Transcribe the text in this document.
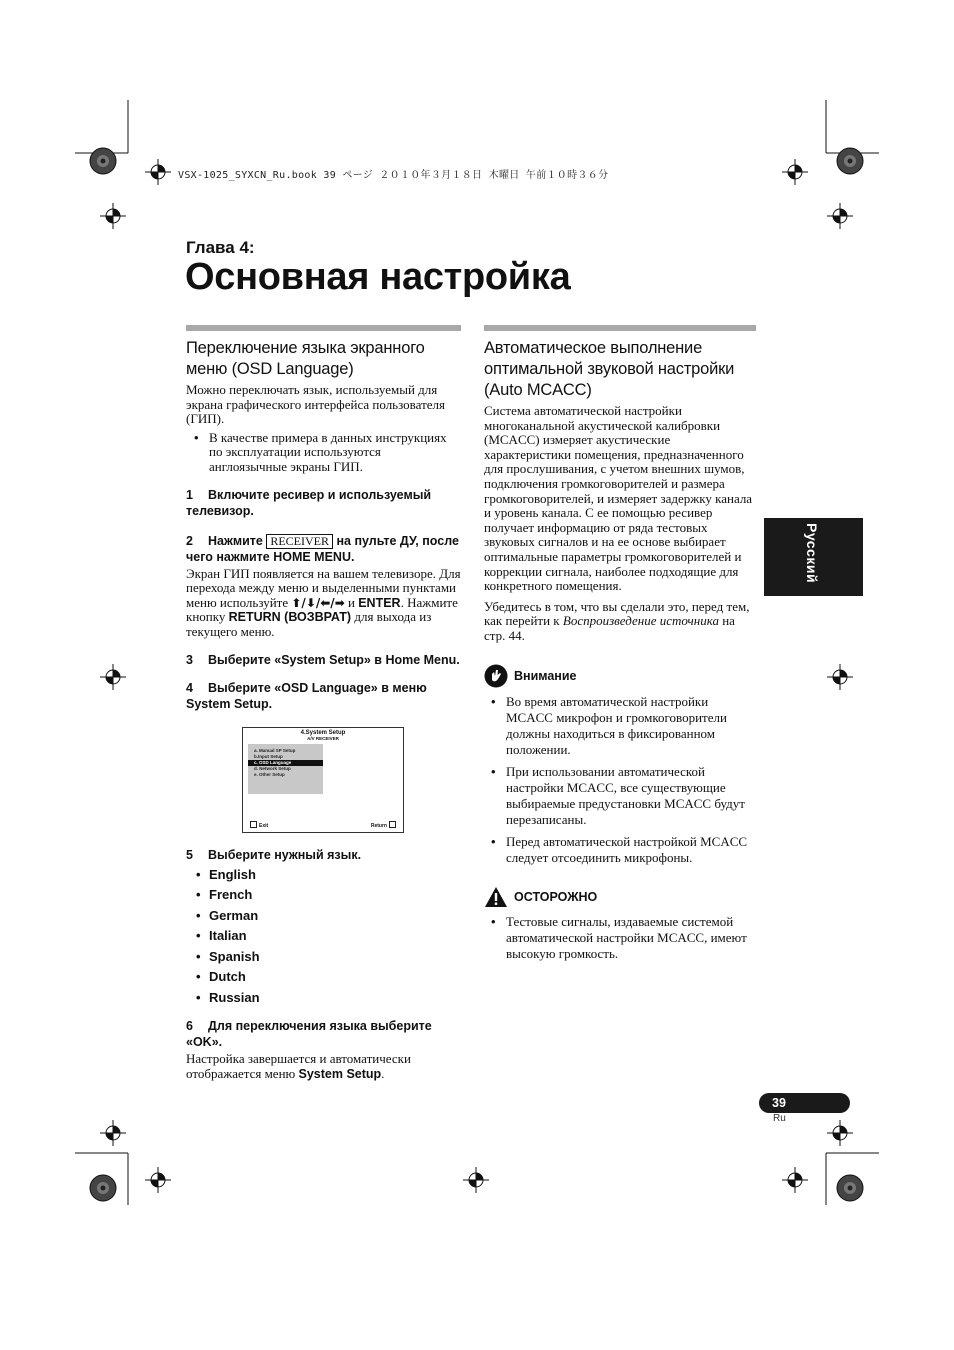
VSX-1025_SYXCN_Ru.book 39 ページ ２０１０年３月１８日 木曜日 午前１０時３６分
Глава 4:
Основная настройка
Переключение языка экранного меню (OSD Language)

Можно переключать язык, используемый для экрана графического интерфейса пользователя (ГИП).

• В качестве примера в данных инструкциях по эксплуатации используются англоязычные экраны ГИП.
1 Включите ресивер и используемый телевизор.
2 Нажмите RECEIVER на пульте ДУ, после чего нажмите HOME MENU.

Экран ГИП появляется на вашем телевизоре. Для перехода между меню и выделенными пунктами меню используйте ⬆/⬇/⬅/➡ и ENTER. Нажмите кнопку RETURN (ВОЗВРАТ) для выхода из текущего меню.

3 Выберите «System Setup» в Home Menu.
4 Выберите «OSD Language» в меню System Setup.
4.System Setup
A/V RECEIVER
a. Manual SP Setup
b.Input Setup
c. OSD Language
d. Network Setup
e. Other Setup
Exit	Return
5 Выберите нужный язык.
• English
• French
• German
• Italian
• Spanish
• Dutch
• Russian
6 Для переключения языка выберите «OK».

Настройка завершается и автоматически отображается меню System Setup.

Автоматическое выполнение оптимальной звуковой настройки (Auto MCACC)

Система автоматической настройки многоканальной акустической калибровки (MCACC) измеряет акустические характеристики помещения, предназначенного для прослушивания, с учетом внешних шумов, подключения громкоговорителей и размера громкоговорителей, и измеряет задержку канала и уровень канала. С ее помощью ресивер получает информацию от ряда тестовых звуковых сигналов и на ее основе выбирает оптимальные параметры громкоговорителей и коррекции сигнала, наиболее подходящие для конкретного помещения.

Убедитесь в том, что вы сделали это, перед тем, как перейти к Воспроизведение источника на стр. 44.

Внимание
• Во время автоматической настройки MCACC микрофон и громкоговорители должны находиться в фиксированном положении.
• При использовании автоматической настройки MCACC, все существующие выбираемые предустановки MCACC будут перезаписаны.
• Перед автоматической настройкой MCACC следует отсоединить микрофоны.
ОСТОРОЖНО
• Тестовые сигналы, издаваемые системой автоматической настройки MCACC, имеют высокую громкость.
Русский
39
Ru
